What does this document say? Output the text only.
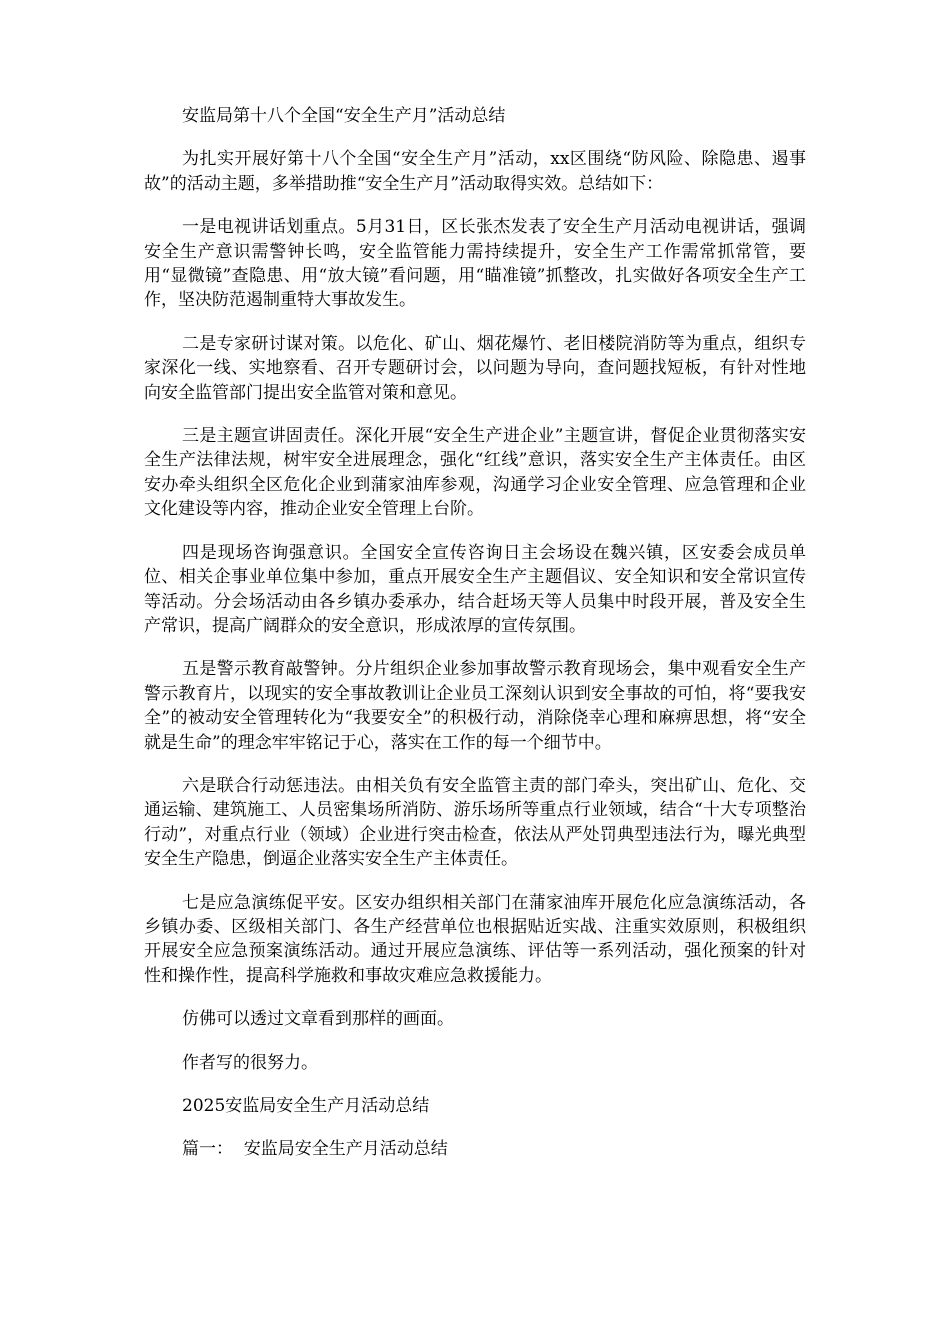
安监局第十八个全国“安全生产月”活动总结

为扎实开展好第十八个全国“安全生产月”活动，xx区围绕“防风险、除隐患、遏事故”的活动主题，多举措助推“安全生产月”活动取得实效。总结如下：

一是电视讲话划重点。5月31日，区长张杰发表了安全生产月活动电视讲话，强调安全生产意识需警钟长鸣，安全监管能力需持续提升，安全生产工作需常抓常管，要用“显微镜”查隐患、用“放大镜”看问题，用“瞄准镜”抓整改，扎实做好各项安全生产工作，坚决防范遏制重特大事故发生。

二是专家研讨谋对策。以危化、矿山、烟花爆竹、老旧楼院消防等为重点，组织专家深化一线、实地察看、召开专题研讨会，以问题为导向，查问题找短板，有针对性地向安全监管部门提出安全监管对策和意见。

三是主题宣讲固责任。深化开展“安全生产进企业”主题宣讲，督促企业贯彻落实安全生产法律法规，树牢安全进展理念，强化“红线”意识，落实安全生产主体责任。由区安办牵头组织全区危化企业到蒲家油库参观，沟通学习企业安全管理、应急管理和企业文化建设等内容，推动企业安全管理上台阶。

四是现场咨询强意识。全国安全宣传咨询日主会场设在魏兴镇，区安委会成员单位、相关企事业单位集中参加，重点开展安全生产主题倡议、安全知识和安全常识宣传等活动。分会场活动由各乡镇办委承办，结合赶场天等人员集中时段开展，普及安全生产常识，提高广阔群众的安全意识，形成浓厚的宣传氛围。

五是警示教育敲警钟。分片组织企业参加事故警示教育现场会，集中观看安全生产警示教育片，以现实的安全事故教训让企业员工深刻认识到安全事故的可怕，将“要我安全”的被动安全管理转化为“我要安全”的积极行动，消除侥幸心理和麻痹思想，将“安全就是生命”的理念牢牢铭记于心，落实在工作的每一个细节中。

六是联合行动惩违法。由相关负有安全监管主责的部门牵头，突出矿山、危化、交通运输、建筑施工、人员密集场所消防、游乐场所等重点行业领域，结合“十大专项整治行动”，对重点行业（领域）企业进行突击检查，依法从严处罚典型违法行为，曝光典型安全生产隐患，倒逼企业落实安全生产主体责任。

七是应急演练促平安。区安办组织相关部门在蒲家油库开展危化应急演练活动，各乡镇办委、区级相关部门、各生产经营单位也根据贴近实战、注重实效原则，积极组织开展安全应急预案演练活动。通过开展应急演练、评估等一系列活动，强化预案的针对性和操作性，提高科学施救和事故灾难应急救援能力。

仿佛可以透过文章看到那样的画面。

作者写的很努力。

2025安监局安全生产月活动总结

篇一：  安监局安全生产月活动总结
